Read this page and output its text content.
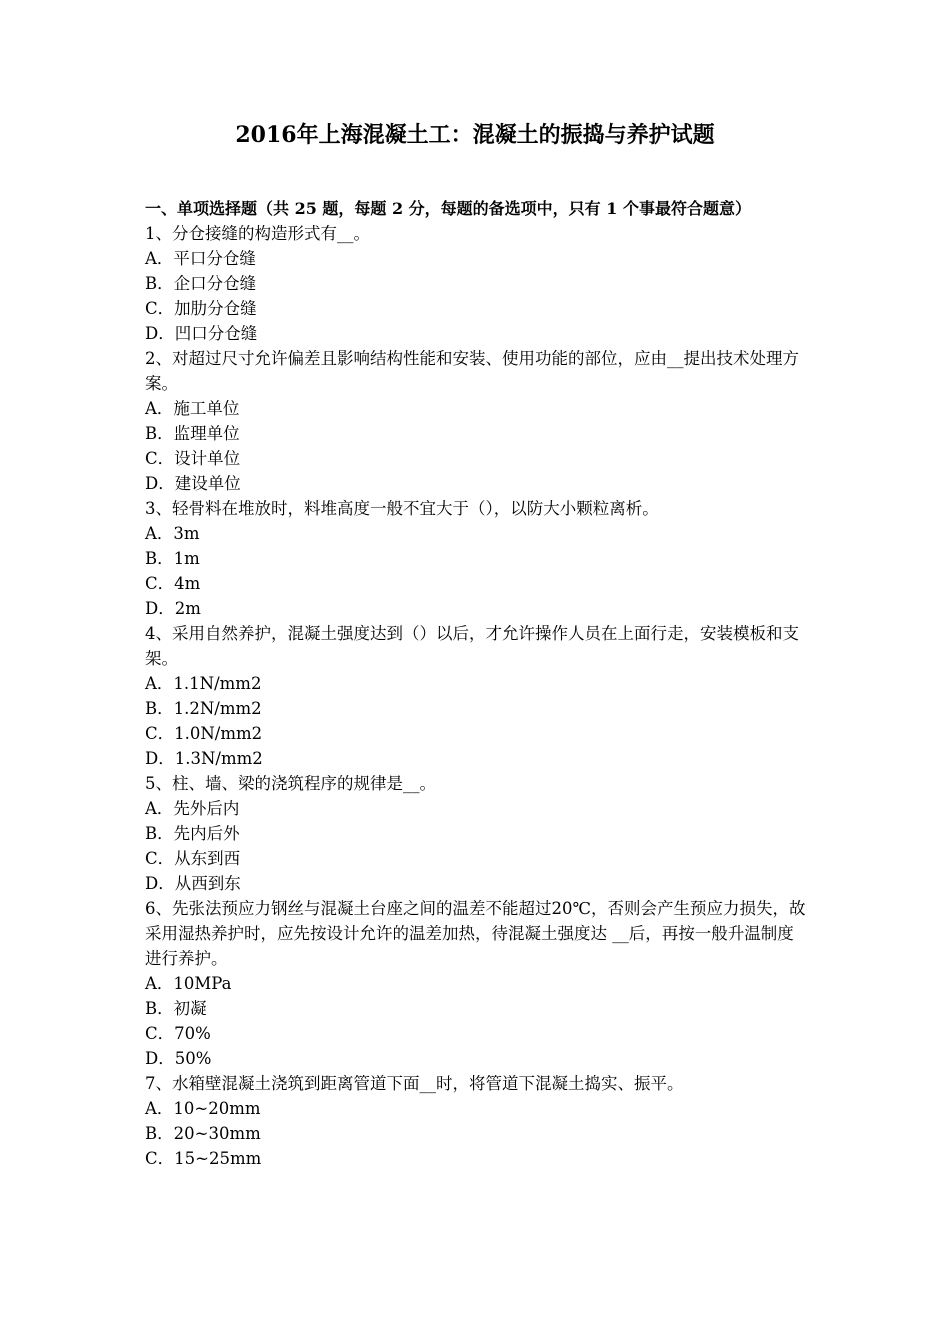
2016年上海混凝土工：混凝土的振捣与养护试题
一、单项选择题（共 25 题，每题 2 分，每题的备选项中，只有 1 个事最符合题意）
1、分仓接缝的构造形式有__。
A．平口分仓缝
B．企口分仓缝
C．加肋分仓缝
D．凹口分仓缝
2、对超过尺寸允许偏差且影响结构性能和安装、使用功能的部位，应由__提出技术处理方案。
A．施工单位
B．监理单位
C．设计单位
D．建设单位
3、轻骨料在堆放时，料堆高度一般不宜大于（），以防大小颗粒离析。
A．3m
B．1m
C．4m
D．2m
4、采用自然养护，混凝土强度达到（）以后，才允许操作人员在上面行走，安装模板和支架。
A．1.1N/mm2
B．1.2N/mm2
C．1.0N/mm2
D．1.3N/mm2
5、柱、墙、梁的浇筑程序的规律是__。
A．先外后内
B．先内后外
C．从东到西
D．从西到东
6、先张法预应力钢丝与混凝土台座之间的温差不能超过20℃，否则会产生预应力损失，故采用湿热养护时，应先按设计允许的温差加热，待混凝土强度达 __后，再按一般升温制度进行养护。
A．10MPa
B．初凝
C．70%
D．50%
7、水箱壁混凝土浇筑到距离管道下面__时，将管道下混凝土捣实、振平。
A．10~20mm
B．20~30mm
C．15~25mm
